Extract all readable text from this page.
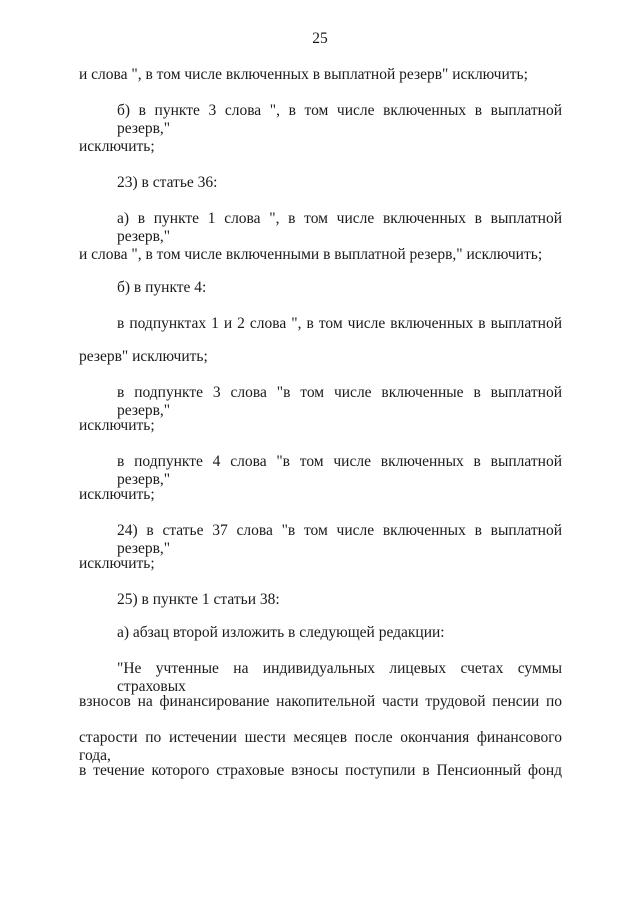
25
и слова ", в том числе включенных в выплатной резерв" исключить;
б) в пункте 3 слова ", в том числе включенных в выплатной резерв,"
исключить;
23) в статье 36:
а) в пункте 1 слова ", в том числе включенных в выплатной резерв,"
и слова ", в том числе включенными в выплатной резерв," исключить;
б) в пункте 4:
в подпунктах 1 и 2 слова ", в том числе включенных в выплатной
резерв" исключить;
в подпункте 3 слова "в том числе включенные в выплатной резерв,"
исключить;
в подпункте 4 слова "в том числе включенных в выплатной резерв,"
исключить;
24) в статье 37 слова "в том числе включенных в выплатной резерв,"
исключить;
25) в пункте 1 статьи 38:
а) абзац второй изложить в следующей редакции:
"Не учтенные на индивидуальных лицевых счетах суммы страховых
взносов на финансирование накопительной части трудовой пенсии по
старости по истечении шести месяцев после окончания финансового года,
в течение которого страховые взносы поступили в Пенсионный фонд
